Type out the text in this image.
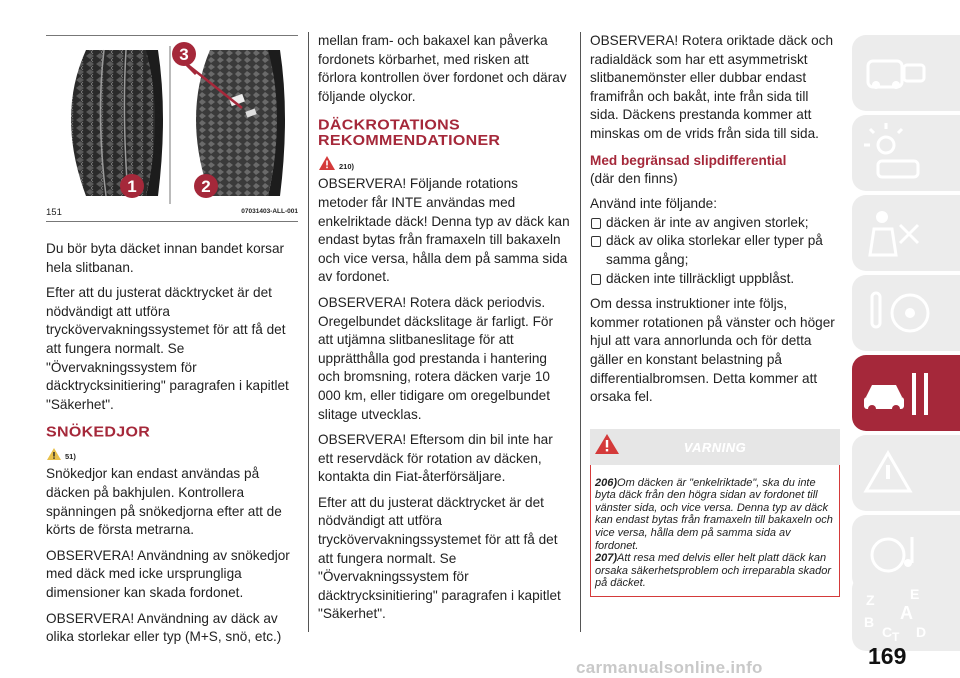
3
1	2
151	07031403-ALL-001

Du bör byta däcket innan bandet korsar hela slitbanan.

Efter att du justerat däcktrycket är det nödvändigt att utföra tryckövervakningssystemet för att få det att fungera normalt. Se "Övervakningssystem för däcktrycksinitiering" paragrafen i kapitlet "Säkerhet".

SNÖKEDJOR
51)

Snökedjor kan endast användas på däcken på bakhjulen. Kontrollera spänningen på snökedjorna efter att de körts de första metrarna.

OBSERVERA! Användning av snökedjor med däck med icke ursprungliga dimensioner kan skada fordonet.

OBSERVERA! Användning av däck av olika storlekar eller typ (M+S, snö, etc.)

mellan fram- och bakaxel kan påverka fordonets körbarhet, med risken att förlora kontrollen över fordonet och därav följande olyckor.

DÄCKROTATIONS REKOMMENDATIONER
210)

OBSERVERA! Följande rotations metoder får INTE användas med enkelriktade däck! Denna typ av däck kan endast bytas från framaxeln till bakaxeln och vice versa, hålla dem på samma sida av fordonet.

OBSERVERA! Rotera däck periodvis. Oregelbundet däckslitage är farligt. För att utjämna slitbaneslitage för att upprätthålla god prestanda i hantering och bromsning, rotera däcken varje 10 000 km, eller tidigare om oregelbundet slitage utvecklas.

OBSERVERA! Eftersom din bil inte har ett reservdäck för rotation av däcken, kontakta din Fiat-återförsäljare.

Efter att du justerat däcktrycket är det nödvändigt att utföra tryckövervakningssystemet för att få det att fungera normalt. Se "Övervakningssystem för däcktrycksinitiering" paragrafen i kapitlet "Säkerhet".

OBSERVERA! Rotera oriktade däck och radialdäck som har ett asymmetriskt slitbanemönster eller dubbar endast framifrån och bakåt, inte från sida till sida. Däckens prestanda kommer att minskas om de vrids från sida till sida.

Med begränsad slipdifferential

(där den finns)

Använd inte följande:

däcken är inte av angiven storlek;
däck av olika storlekar eller typer på samma gång;
däcken inte tillräckligt uppblåst.

Om dessa instruktioner inte följs, kommer rotationen på vänster och höger hjul att vara annorlunda och för detta gäller en konstant belastning på differentialbromsen. Detta kommer att orsaka fel.

VARNING

206)Om däcken är "enkelriktade", ska du inte byta däck från den högra sidan av fordonet till vänster sida, och vice versa. Denna typ av däck kan endast bytas från framaxeln till bakaxeln och vice versa, hålla dem på samma sida av fordonet.

207)Att resa med delvis eller helt platt däck kan orsaka säkerhetsproblem och irreparabla skador på däcket.

Z	E
B A
C T D
169
carmanualsonline.info
